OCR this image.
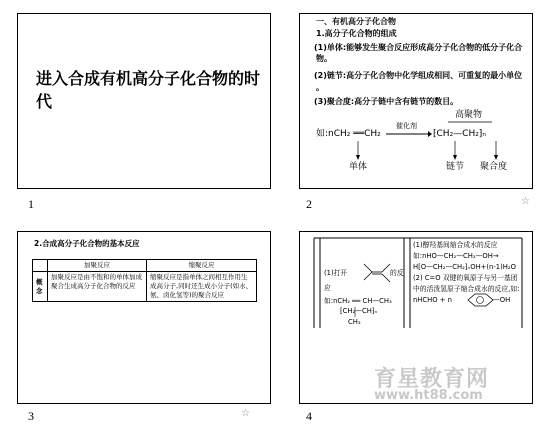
进入合成有机高分子化合物的时代
1
一、有机高分子化合物
1.高分子化合物的组成
(1)单体:能够发生聚合反应形成高分子化合物的低分子化合
物。
(2)链节:高分子化合物中化学组成相同、可重复的最小单位
。
(3)聚合度:高分子链中含有链节的数目。
高聚物
如:nCH₂ ══CH₂
催化剂
→ ⁅CH₂—CH₂⁆ₙ
单体	链节 聚合度
2	☆
2.合成高分子化合物的基本反应
	加聚反应	缩聚反应
概念	加聚反应是由不饱和的单体加成聚合生成高分子化合物的反应	缩聚反应是指单体之间相互作用生成高分子,同时还生成小分子(如水、氨、卤化氢等)的聚合反应
3	☆
(1)打开	的反
应
如:nCH₂ ══ CH—CH₃
⁅CH₂—CH⁆ₙ
CH₃
(1)醇羟基间缩合成水的反应
如:nHO—CH₂—CH₂—OH→
H⁅O—CH₂—CH₂⁆ₙOH+(n-1)H₂O
(2) C=O 双键的氧原子与另一基团
中的活泼氢原子缩合成水的反应,如:
nHCHO + n	—OH
育星教育网
www.ht88.com
4
